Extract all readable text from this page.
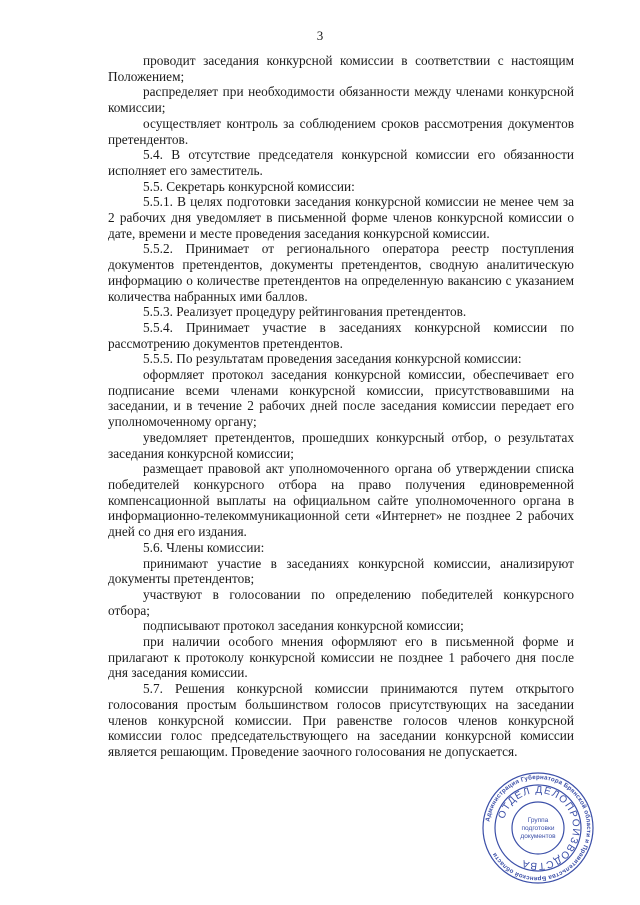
3

проводит заседания конкурсной комиссии в соответствии с настоящим Положением;

распределяет при необходимости обязанности между членами конкурсной комиссии;

осуществляет контроль за соблюдением сроков рассмотрения документов претендентов.

5.4. В отсутствие председателя конкурсной комиссии его обязанности исполняет его заместитель.

5.5. Секретарь конкурсной комиссии:

5.5.1. В целях подготовки заседания конкурсной комиссии не менее чем за 2 рабочих дня уведомляет в письменной форме членов конкурсной комиссии о дате, времени и месте проведения заседания конкурсной комиссии.

5.5.2. Принимает от регионального оператора реестр поступления документов претендентов, документы претендентов, сводную аналитическую информацию о количестве претендентов на определенную вакансию с указанием количества набранных ими баллов.

5.5.3. Реализует процедуру рейтингования претендентов.

5.5.4. Принимает участие в заседаниях конкурсной комиссии по рассмотрению документов претендентов.

5.5.5. По результатам проведения заседания конкурсной комиссии:

оформляет протокол заседания конкурсной комиссии, обеспечивает его подписание всеми членами конкурсной комиссии, присутствовавшими на заседании, и в течение 2 рабочих дней после заседания комиссии передает его уполномоченному органу;

уведомляет претендентов, прошедших конкурсный отбор, о результатах заседания конкурсной комиссии;

размещает правовой акт уполномоченного органа об утверждении списка победителей конкурсного отбора на право получения единовременной компенсационной выплаты на официальном сайте уполномоченного органа в информационно-телекоммуникационной сети «Интернет» не позднее 2 рабочих дней со дня его издания.

5.6. Члены комиссии:

принимают участие в заседаниях конкурсной комиссии, анализируют документы претендентов;

участвуют в голосовании по определению победителей конкурсного отбора;

подписывают протокол заседания конкурсной комиссии;

при наличии особого мнения оформляют его в письменной форме и прилагают к протоколу конкурсной комиссии не позднее 1 рабочего дня после дня заседания комиссии.

5.7. Решения конкурсной комиссии принимаются путем открытого голосования простым большинством голосов присутствующих на заседании членов конкурсной комиссии. При равенстве голосов членов конкурсной комиссии голос председательствующего на заседании конкурсной комиссии является решающим. Проведение заочного голосования не допускается.

Администрация Губернатора Брянской области и Правительства Брянской области
ОТДЕЛ ДЕЛОПРОИЗВОДСТВА
Группа
подготовки
документов
